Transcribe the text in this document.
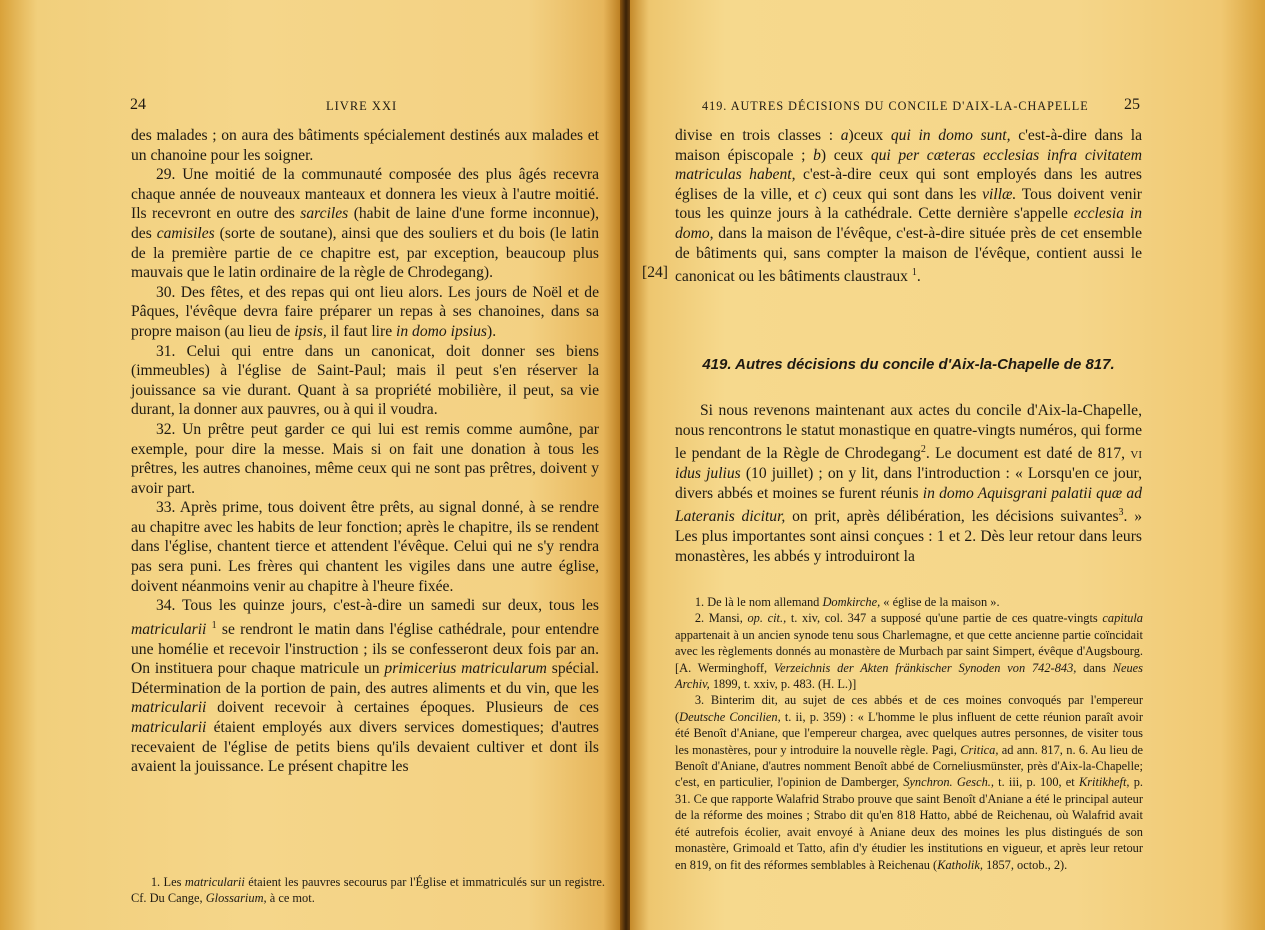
24	LIVRE XXI

des malades ; on aura des bâtiments spécialement destinés aux malades et un chanoine pour les soigner.

29. Une moitié de la communauté composée des plus âgés recevra chaque année de nouveaux manteaux et donnera les vieux à l'autre moitié. Ils recevront en outre des sarciles (habit de laine d'une forme inconnue), des camisiles (sorte de soutane), ainsi que des souliers et du bois (le latin de la première partie de ce chapitre est, par exception, beaucoup plus mauvais que le latin ordinaire de la règle de Chrodegang).

30. Des fêtes, et des repas qui ont lieu alors. Les jours de Noël et de Pâques, l'évêque devra faire préparer un repas à ses chanoines, dans sa propre maison (au lieu de ipsis, il faut lire in domo ipsius).

31. Celui qui entre dans un canonicat, doit donner ses biens (immeubles) à l'église de Saint-Paul; mais il peut s'en réserver la jouissance sa vie durant. Quant à sa propriété mobilière, il peut, sa vie durant, la donner aux pauvres, ou à qui il voudra.

32. Un prêtre peut garder ce qui lui est remis comme aumône, par exemple, pour dire la messe. Mais si on fait une donation à tous les prêtres, les autres chanoines, même ceux qui ne sont pas prêtres, doivent y avoir part.

33. Après prime, tous doivent être prêts, au signal donné, à se rendre au chapitre avec les habits de leur fonction; après le chapitre, ils se rendent dans l'église, chantent tierce et attendent l'évêque. Celui qui ne s'y rendra pas sera puni. Les frères qui chantent les vigiles dans une autre église, doivent néanmoins venir au chapitre à l'heure fixée.

34. Tous les quinze jours, c'est-à-dire un samedi sur deux, tous les matricularii $^1$ se rendront le matin dans l'église cathédrale, pour entendre une homélie et recevoir l'instruction ; ils se confesseront deux fois par an. On instituera pour chaque matricule un primicerius matricularum spécial. Détermination de la portion de pain, des autres aliments et du vin, que les matricularii doivent recevoir à certaines époques. Plusieurs de ces matricularii étaient employés aux divers services domestiques; d'autres recevaient de l'église de petits biens qu'ils devaient cultiver et dont ils avaient la jouissance. Le présent chapitre les

1. Les matricularii étaient les pauvres secourus par l'Église et immatriculés sur un registre. Cf. Du Cange, Glossarium, à ce mot.

419. AUTRES DÉCISIONS DU CONCILE D'AIX-LA-CHAPELLE 25
[24]

divise en trois classes : a)ceux qui in domo sunt, c'est-à-dire dans la maison épiscopale ; b) ceux qui per cæteras ecclesias infra civitatem matriculas habent, c'est-à-dire ceux qui sont employés dans les autres églises de la ville, et c) ceux qui sont dans les villæ. Tous doivent venir tous les quinze jours à la cathédrale. Cette dernière s'appelle ecclesia in domo, dans la maison de l'évêque, c'est-à-dire située près de cet ensemble de bâtiments qui, sans compter la maison de l'évêque, contient aussi le canonicat ou les bâtiments claustraux $^1$.

419. Autres décisions du concile d'Aix-la-Chapelle de 817.

Si nous revenons maintenant aux actes du concile d'Aix-la-Chapelle, nous rencontrons le statut monastique en quatre-vingts numéros, qui forme le pendant de la Règle de Chrodegang$^2$. Le document est daté de 817, vi idus julius (10 juillet) ; on y lit, dans l'introduction : « Lorsqu'en ce jour, divers abbés et moines se furent réunis in domo Aquisgrani palatii quæ ad Lateranis dicitur, on prit, après délibération, les décisions suivantes$^3$. » Les plus importantes sont ainsi conçues : 1 et 2. Dès leur retour dans leurs monastères, les abbés y introduiront la

1. De là le nom allemand Domkirche, « église de la maison ».

2. Mansi, op. cit., t. xiv, col. 347 a supposé qu'une partie de ces quatre-vingts capitula appartenait à un ancien synode tenu sous Charlemagne, et que cette ancienne partie coïncidait avec les règlements donnés au monastère de Murbach par saint Simpert, évêque d'Augsbourg. [A. Werminghoff, Verzeichnis der Akten fränkischer Synoden von 742-843, dans Neues Archiv, 1899, t. xxiv, p. 483. (H. L.)]

3. Binterim dit, au sujet de ces abbés et de ces moines convoqués par l'empereur (Deutsche Concilien, t. ii, p. 359) : « L'homme le plus influent de cette réunion paraît avoir été Benoît d'Aniane, que l'empereur chargea, avec quelques autres personnes, de visiter tous les monastères, pour y introduire la nouvelle règle. Pagi, Critica, ad ann. 817, n. 6. Au lieu de Benoît d'Aniane, d'autres nomment Benoît abbé de Corneliusmünster, près d'Aix-la-Chapelle; c'est, en particulier, l'opinion de Damberger, Synchron. Gesch., t. iii, p. 100, et Kritikheft, p. 31. Ce que rapporte Walafrid Strabo prouve que saint Benoît d'Aniane a été le principal auteur de la réforme des moines ; Strabo dit qu'en 818 Hatto, abbé de Reichenau, où Walafrid avait été autrefois écolier, avait envoyé à Aniane deux des moines les plus distingués de son monastère, Grimoald et Tatto, afin d'y étudier les institutions en vigueur, et après leur retour en 819, on fit des réformes semblables à Reichenau (Katholik, 1857, octob., 2).
